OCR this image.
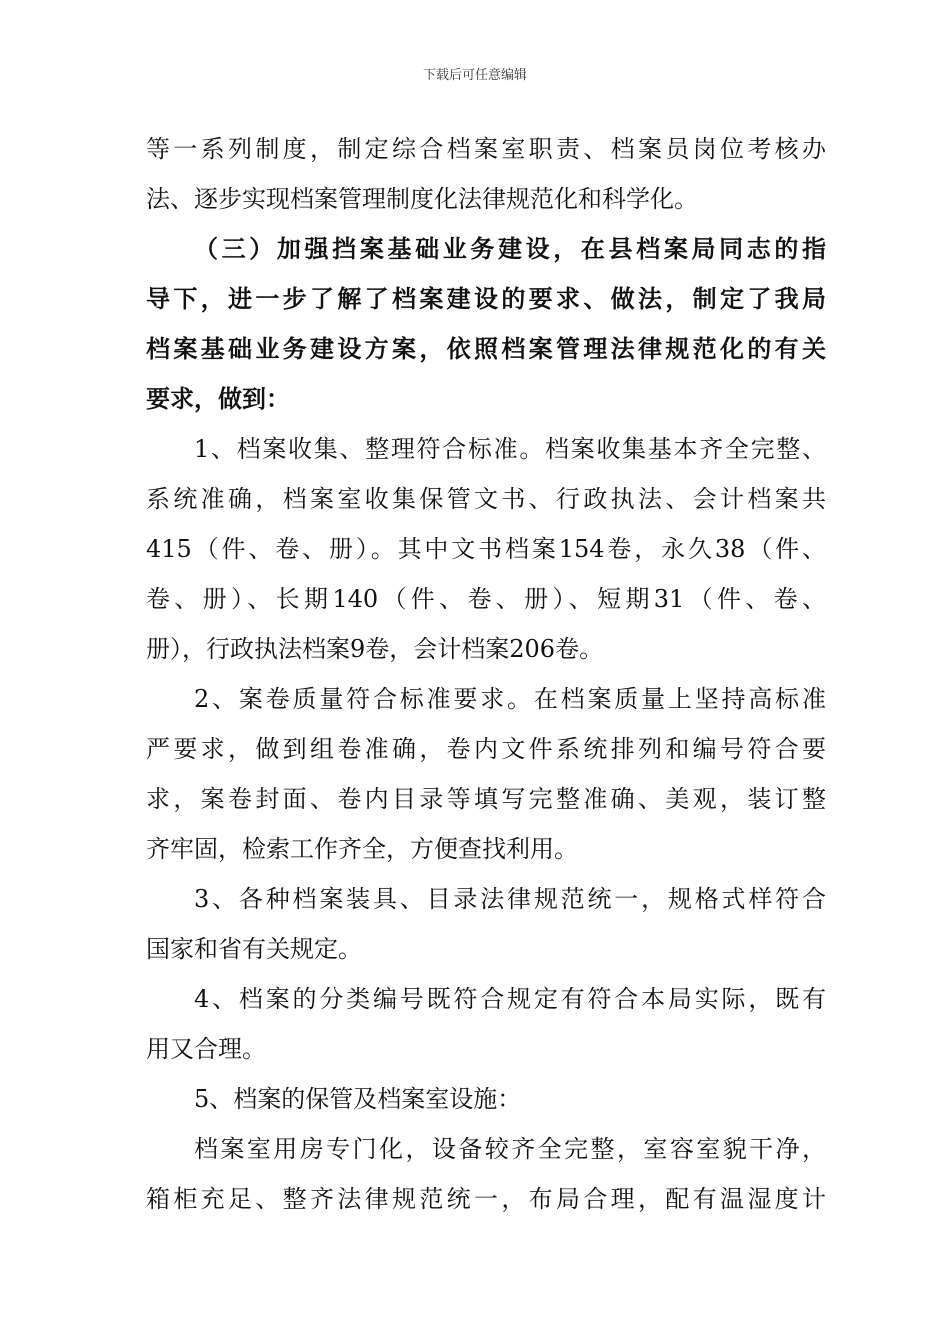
下载后可任意编辑
等一系列制度，制定综合档案室职责、档案员岗位考核办
法、逐步实现档案管理制度化法律规范化和科学化。
（三）加强挡案基础业务建设，在县档案局同志的指
导下，进一步了解了档案建设的要求、做法，制定了我局
档案基础业务建设方案，依照档案管理法律规范化的有关
要求，做到：
1、档案收集、整理符合标准。档案收集基本齐全完整、
系统准确，档案室收集保管文书、行政执法、会计档案共
415（件、卷、册）。其中文书档案154卷，永久38（件、
卷、册）、长期140（件、卷、册）、短期31（件、卷、
册），行政执法档案9卷，会计档案206卷。
2、案卷质量符合标准要求。在档案质量上坚持高标准
严要求，做到组卷准确，卷内文件系统排列和编号符合要
求，案卷封面、卷内目录等填写完整准确、美观，装订整
齐牢固，检索工作齐全，方便查找利用。
3、各种档案装具、目录法律规范统一，规格式样符合
国家和省有关规定。
4、档案的分类编号既符合规定有符合本局实际，既有
用又合理。
5、档案的保管及档案室设施：
档案室用房专门化，设备较齐全完整，室容室貌干净，
箱柜充足、整齐法律规范统一，布局合理，配有温湿度计
